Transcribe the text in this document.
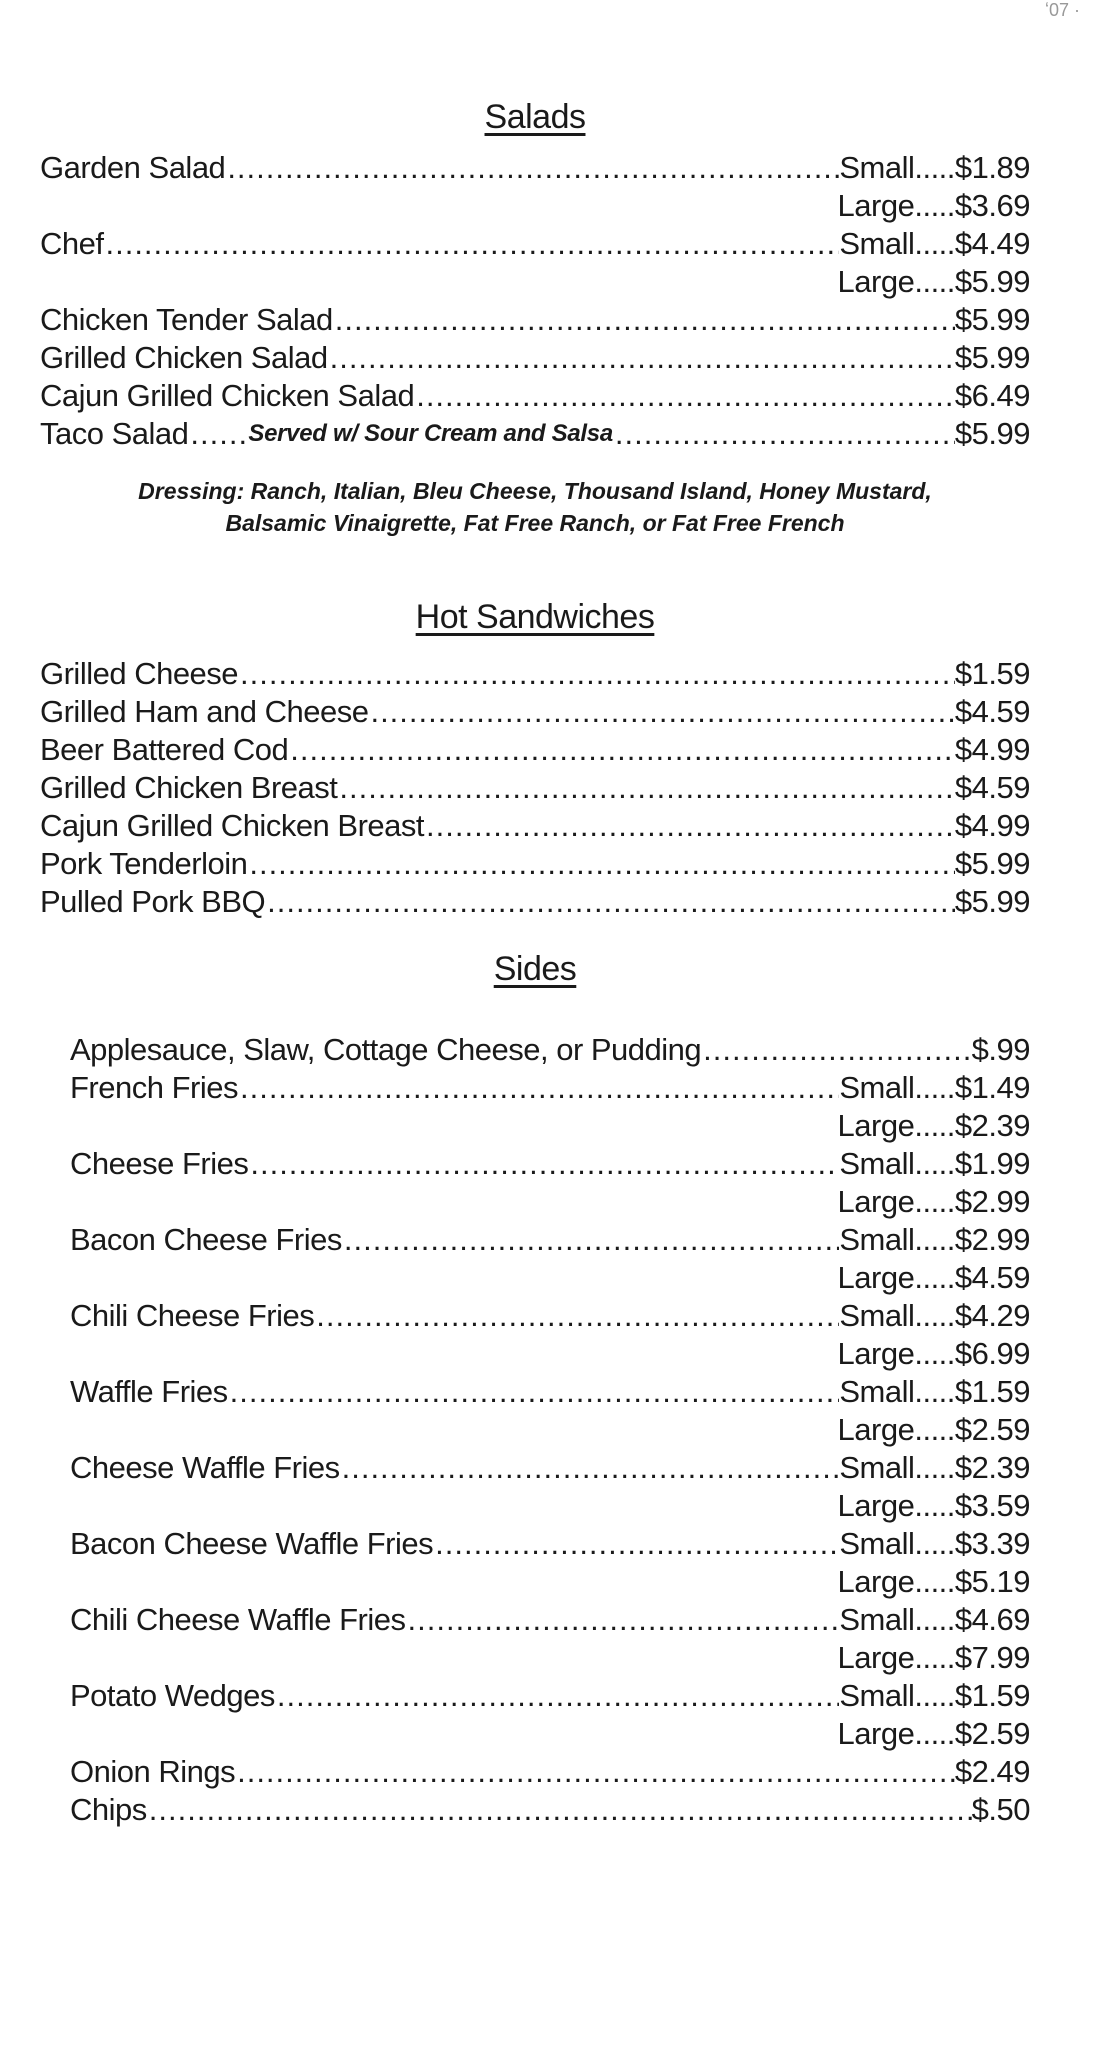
ʻ07 ·
Salads
Garden Salad .....	Small ..... $1.89
Large ..... $3.69
Chef .....	Small ..... $4.49
Large ..... $5.99
Chicken Tender Salad .....	$5.99
Grilled Chicken Salad .....	$5.99
Cajun Grilled Chicken Salad .....	$6.49
Taco Salad .....	Served w/ Sour Cream and Salsa .....	$5.99

Dressing: Ranch, Italian, Bleu Cheese, Thousand Island, Honey Mustard,

Balsamic Vinaigrette, Fat Free Ranch, or Fat Free French

Hot Sandwiches
Grilled Cheese .....	$1.59
Grilled Ham and Cheese .....	$4.59
Beer Battered Cod .....	$4.99
Grilled Chicken Breast .....	$4.59
Cajun Grilled Chicken Breast .....	$4.99
Pork Tenderloin .....	$5.99
Pulled Pork BBQ .....	$5.99
Sides
Applesauce, Slaw, Cottage Cheese, or Pudding .....	$.99
French Fries .....	Small ..... $1.49
Large ..... $2.39
Cheese Fries .....	Small ..... $1.99
Large ..... $2.99
Bacon Cheese Fries .....	Small ..... $2.99
Large ..... $4.59
Chili Cheese Fries .....	Small ..... $4.29
Large ..... $6.99
Waffle Fries .....	Small ..... $1.59
Large ..... $2.59
Cheese Waffle Fries .....	Small ..... $2.39
Large ..... $3.59
Bacon Cheese Waffle Fries .....	Small ..... $3.39
Large ..... $5.19
Chili Cheese Waffle Fries .....	Small ..... $4.69
Large ..... $7.99
Potato Wedges .....	Small ..... $1.59
Large ..... $2.59
Onion Rings .....	$2.49
Chips .....	$.50
